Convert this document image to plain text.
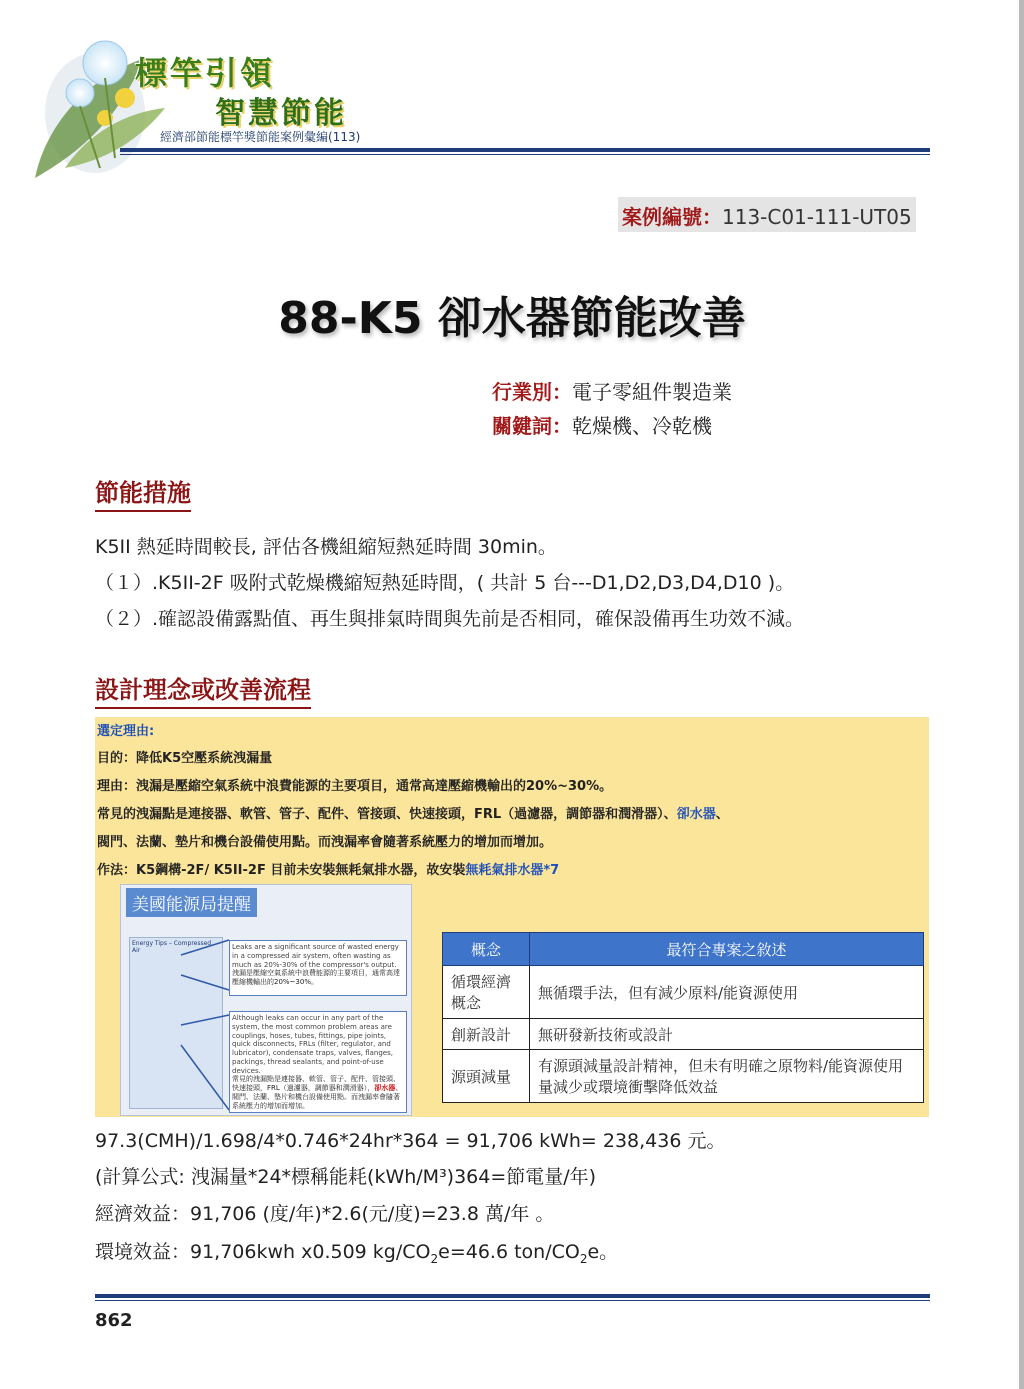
標竿引領
智慧節能
經濟部節能標竿獎節能案例彙編(113)
案例編號：113-C01-111-UT05
88-K5 卻水器節能改善
行業別：電子零組件製造業
關鍵詞：乾燥機、冷乾機
節能措施
K5II 熱延時間較長, 評估各機組縮短熱延時間 30min。
（１）.K5II-2F 吸附式乾燥機縮短熱延時間，( 共計 5 台---D1,D2,D3,D4,D10 )。
（２）.確認設備露點值、再生與排氣時間與先前是否相同，確保設備再生功效不減。
設計理念或改善流程
選定理由:
目的：降低K5空壓系統洩漏量
理由：洩漏是壓縮空氣系統中浪費能源的主要項目，通常高達壓縮機輸出的20%~30%。
常見的洩漏點是連接器、軟管、管子、配件、管接頭、快速接頭，FRL（過濾器，調節器和潤滑器）、卻水器、
閥門、法蘭、墊片和機台設備使用點。而洩漏率會隨著系統壓力的增加而增加。
作法：K5鋼構-2F/ K5II-2F 目前未安裝無耗氣排水器，故安裝無耗氣排水器*7
美國能源局提醒
Energy Tips – Compressed Air	Leaks are a significant source of wasted energy in a compressed air system, often wasting as much as 20%-30% of the compressor's output.
洩漏是壓縮空氣系統中浪費能源的主要項目，通常高達壓縮機輸出的20%~30%。
Although leaks can occur in any part of the system, the most common problem areas are couplings, hoses, tubes, fittings, pipe joints, quick disconnects, FRLs (filter, regulator, and lubricator), condensate traps, valves, flanges, packings, thread sealants, and point-of-use devices.
常見的洩漏點是連接器、軟管、管子、配件、管接頭、快速接頭，FRL（過濾器，調節器和潤滑器），卻水器、閥門、法蘭、墊片和機台設備使用點。而洩漏率會隨著系統壓力的增加而增加。
概念	最符合專案之敘述
循環經濟概念	無循環手法，但有減少原料/能資源使用
創新設計	無研發新技術或設計
源頭減量	有源頭減量設計精神，但未有明確之原物料/能資源使用量減少或環境衝擊降低效益
97.3(CMH)/1.698/4*0.746*24hr*364 = 91,706 kWh= 238,436 元。
(計算公式: 洩漏量*24*標稱能耗(kWh/M³)364=節電量/年)
經濟效益：91,706 (度/年)*2.6(元/度)=23.8 萬/年 。
環境效益：91,706kwh x0.509 $kg/CO_2e=46.6$ ton/$CO_2e$。
862
